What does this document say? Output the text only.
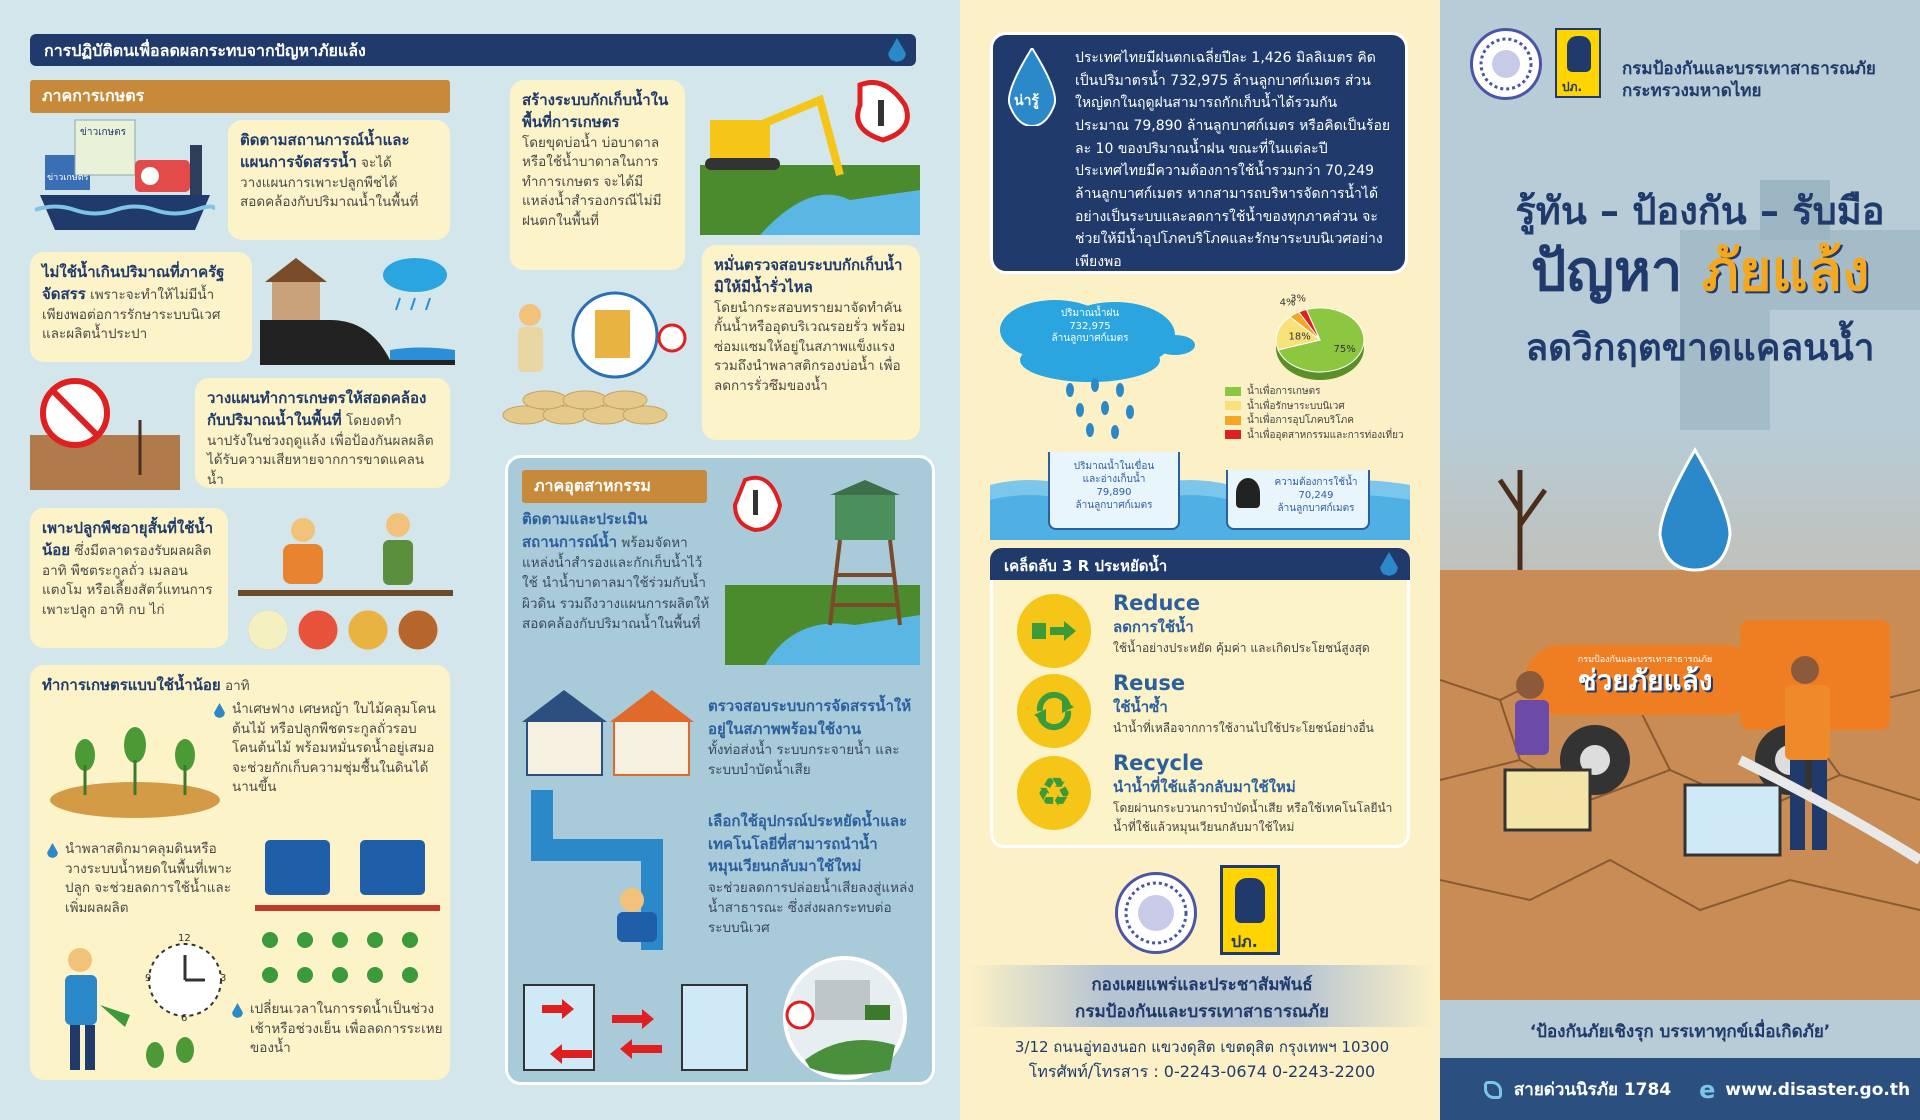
การปฏิบัติตนเพื่อลดผลกระทบจากปัญหาภัยแล้ง
ภาคการเกษตร
ข่าวเกษตร
ข่าวเกษตร
ติดตามสถานการณ์น้ำและแผนการจัดสรรน้ำ จะได้วางแผนการเพาะปลูกพืชได้สอดคล้องกับปริมาณน้ำในพื้นที่
ไม่ใช้น้ำเกินปริมาณที่ภาครัฐจัดสรร เพราะจะทำให้ไม่มีน้ำเพียงพอต่อการรักษาระบบนิเวศและผลิตน้ำประปา
วางแผนทำการเกษตรให้สอดคล้องกับปริมาณน้ำในพื้นที่ โดยงดทำนาปรังในช่วงฤดูแล้ง เพื่อป้องกันผลผลิตได้รับความเสียหายจากการขาดแคลนน้ำ
เพาะปลูกพืชอายุสั้นที่ใช้น้ำน้อย ซึ่งมีตลาดรองรับผลผลิต อาทิ พืชตระกูลถั่ว เมลอน แตงโม หรือเลี้ยงสัตว์แทนการเพาะปลูก อาทิ กบ ไก่
ทำการเกษตรแบบใช้น้ำน้อย อาทิ
นำเศษฟาง เศษหญ้า ใบไม้คลุมโคนต้นไม้ หรือปลูกพืชตระกูลถั่วรอบโคนต้นไม้ พร้อมหมั่นรดน้ำอยู่เสมอ จะช่วยกักเก็บความชุ่มชื้นในดินได้นานขึ้น
นำพลาสติกมาคลุมดินหรือวางระบบน้ำหยดในพื้นที่เพาะปลูก จะช่วยลดการใช้น้ำและเพิ่มผลผลิต
12
3
6
9
เปลี่ยนเวลาในการรดน้ำเป็นช่วงเช้าหรือช่วงเย็น เพื่อลดการระเหยของน้ำ
สร้างระบบกักเก็บน้ำในพื้นที่การเกษตร
โดยขุดบ่อน้ำ บ่อบาดาล หรือใช้น้ำบาดาลในการทำการเกษตร จะได้มีแหล่งน้ำสำรองกรณีไม่มีฝนตกในพื้นที่
หมั่นตรวจสอบระบบกักเก็บน้ำมิให้มีน้ำรั่วไหล
โดยนำกระสอบทรายมาจัดทำคันกั้นน้ำหรืออุดบริเวณรอยรั่ว พร้อมซ่อมแซมให้อยู่ในสภาพแข็งแรง รวมถึงนำพลาสติกรองบ่อน้ำ เพื่อลดการรั่วซึมของน้ำ
ภาคอุตสาหกรรม
ติดตามและประเมินสถานการณ์น้ำ พร้อมจัดหาแหล่งน้ำสำรองและกักเก็บน้ำไว้ใช้ นำน้ำบาดาลมาใช้ร่วมกับน้ำผิวดิน รวมถึงวางแผนการผลิตให้สอดคล้องกับปริมาณน้ำในพื้นที่
ตรวจสอบระบบการจัดสรรน้ำให้อยู่ในสภาพพร้อมใช้งาน
ทั้งท่อส่งน้ำ ระบบกระจายน้ำ และระบบบำบัดน้ำเสีย
เลือกใช้อุปกรณ์ประหยัดน้ำและเทคโนโลยีที่สามารถนำน้ำหมุนเวียนกลับมาใช้ใหม่
จะช่วยลดการปล่อยน้ำเสียลงสู่แหล่งน้ำสาธารณะ ซึ่งส่งผลกระทบต่อระบบนิเวศ
ประเทศไทยมีฝนตกเฉลี่ยปีละ 1,426 มิลลิเมตร คิดเป็นปริมาตรน้ำ 732,975 ล้านลูกบาศก์เมตร ส่วนใหญ่ตกในฤดูฝนสามารถกักเก็บน้ำได้รวมกันประมาณ 79,890 ล้านลูกบาศก์เมตร หรือคิดเป็นร้อยละ 10 ของปริมาณน้ำฝน ขณะที่ในแต่ละปีประเทศไทยมีความต้องการใช้น้ำรวมกว่า 70,249 ล้านลูกบาศก์เมตร หากสามารถบริหารจัดการน้ำได้อย่างเป็นระบบและลดการใช้น้ำของทุกภาคส่วน จะช่วยให้มีน้ำอุปโภคบริโภคและรักษาระบบนิเวศอย่างเพียงพอ
น่ารู้
ปริมาณน้ำฝน
732,975
ล้านลูกบาศก์เมตร
75%
18%
4%
3%
น้ำเพื่อการเกษตร
น้ำเพื่อรักษาระบบนิเวศ
น้ำเพื่อการอุปโภคบริโภค
น้ำเพื่ออุตสาหกรรมและการท่องเที่ยว
ปริมาณน้ำในเขื่อน
และอ่างเก็บน้ำ
79,890
ล้านลูกบาศก์เมตร
ความต้องการใช้น้ำ
70,249
ล้านลูกบาศก์เมตร
เคล็ดลับ 3 R ประหยัดน้ำ
Reduce
ลดการใช้น้ำ
ใช้น้ำอย่างประหยัด คุ้มค่า และเกิดประโยชน์สูงสุด
Reuse
ใช้น้ำซ้ำ
นำน้ำที่เหลือจากการใช้งานไปใช้ประโยชน์อย่างอื่น
♻
Recycle
นำน้ำที่ใช้แล้วกลับมาใช้ใหม่
โดยผ่านกระบวนการบำบัดน้ำเสีย หรือใช้เทคโนโลยีนำน้ำที่ใช้แล้วหมุนเวียนกลับมาใช้ใหม่
ปภ.
กองเผยแพร่และประชาสัมพันธ์
กรมป้องกันและบรรเทาสาธารณภัย
3/12 ถนนอู่ทองนอก แขวงดุสิต เขตดุสิต กรุงเทพฯ 10300
โทรศัพท์/โทรสาร : 0-2243-0674 0-2243-2200
ปภ.
กรมป้องกันและบรรเทาสาธารณภัย
กระทรวงมหาดไทย
รู้ทัน – ป้องกัน – รับมือ
ปัญหา ภัยแล้ง
ลดวิกฤตขาดแคลนน้ำ
กรมป้องกันและบรรเทาสาธารณภัย
ช่วยภัยแล้ง
‘ป้องกันภัยเชิงรุก บรรเทาทุกข์เมื่อเกิดภัย’
สายด่วนนิรภัย 1784 e www.disaster.go.th
